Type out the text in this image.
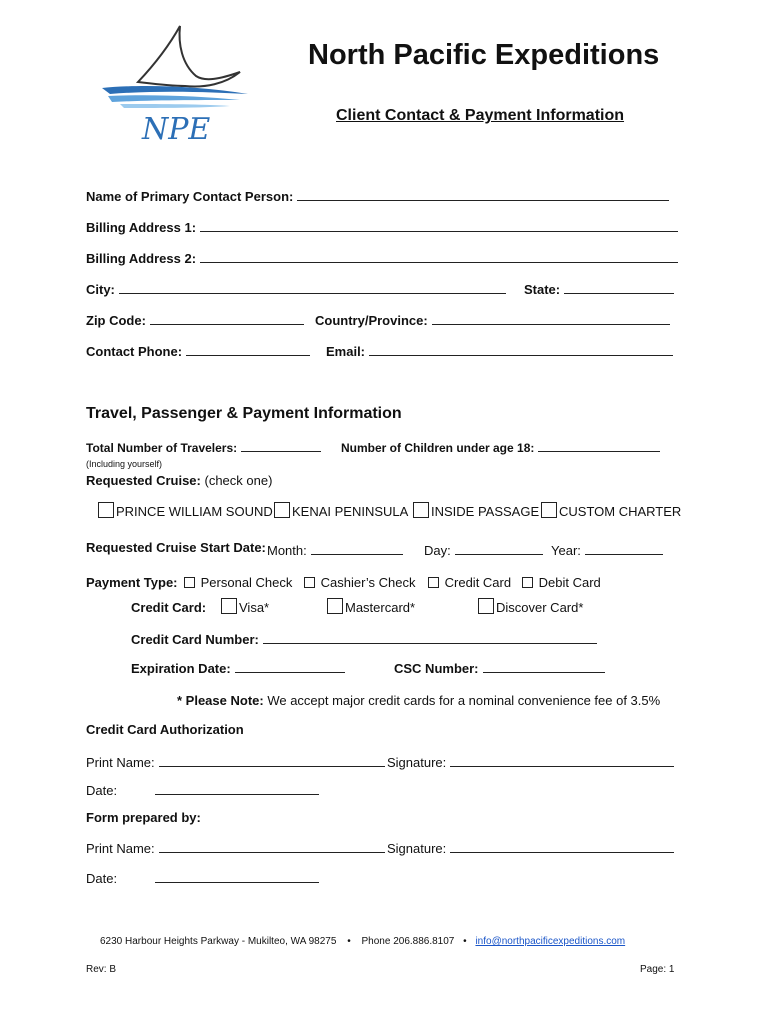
NPE
North Pacific Expeditions
Client Contact & Payment Information
Name of Primary Contact Person:
Billing Address 1:
Billing Address 2:
City:	State:
Zip Code:	Country/Province:
Contact Phone:	Email:
Travel, Passenger & Payment Information
Total Number of Travelers:	Number of Children under age 18:
(Including yourself)
Requested Cruise: (check one)
PRINCE WILLIAM SOUND	KENAI PENINSULA	INSIDE PASSAGE	CUSTOM CHARTER
Requested Cruise Start Date: Month:	Day:	Year:
Payment Type:	Personal Check	Cashier’s Check	Credit Card	Debit Card
Credit Card:	Visa*	Mastercard*	Discover Card*
Credit Card Number:
Expiration Date:	CSC Number:
* Please Note: We accept major credit cards for a nominal convenience fee of 3.5%
Credit Card Authorization
Print Name:	Signature:
Date:
Form prepared by:
Print Name:	Signature:
Date:
6230 Harbour Heights Parkway - Mukilteo, WA 98275 • Phone 206.886.8107 • info@northpacificexpeditions.com
Rev: B	Page: 1
